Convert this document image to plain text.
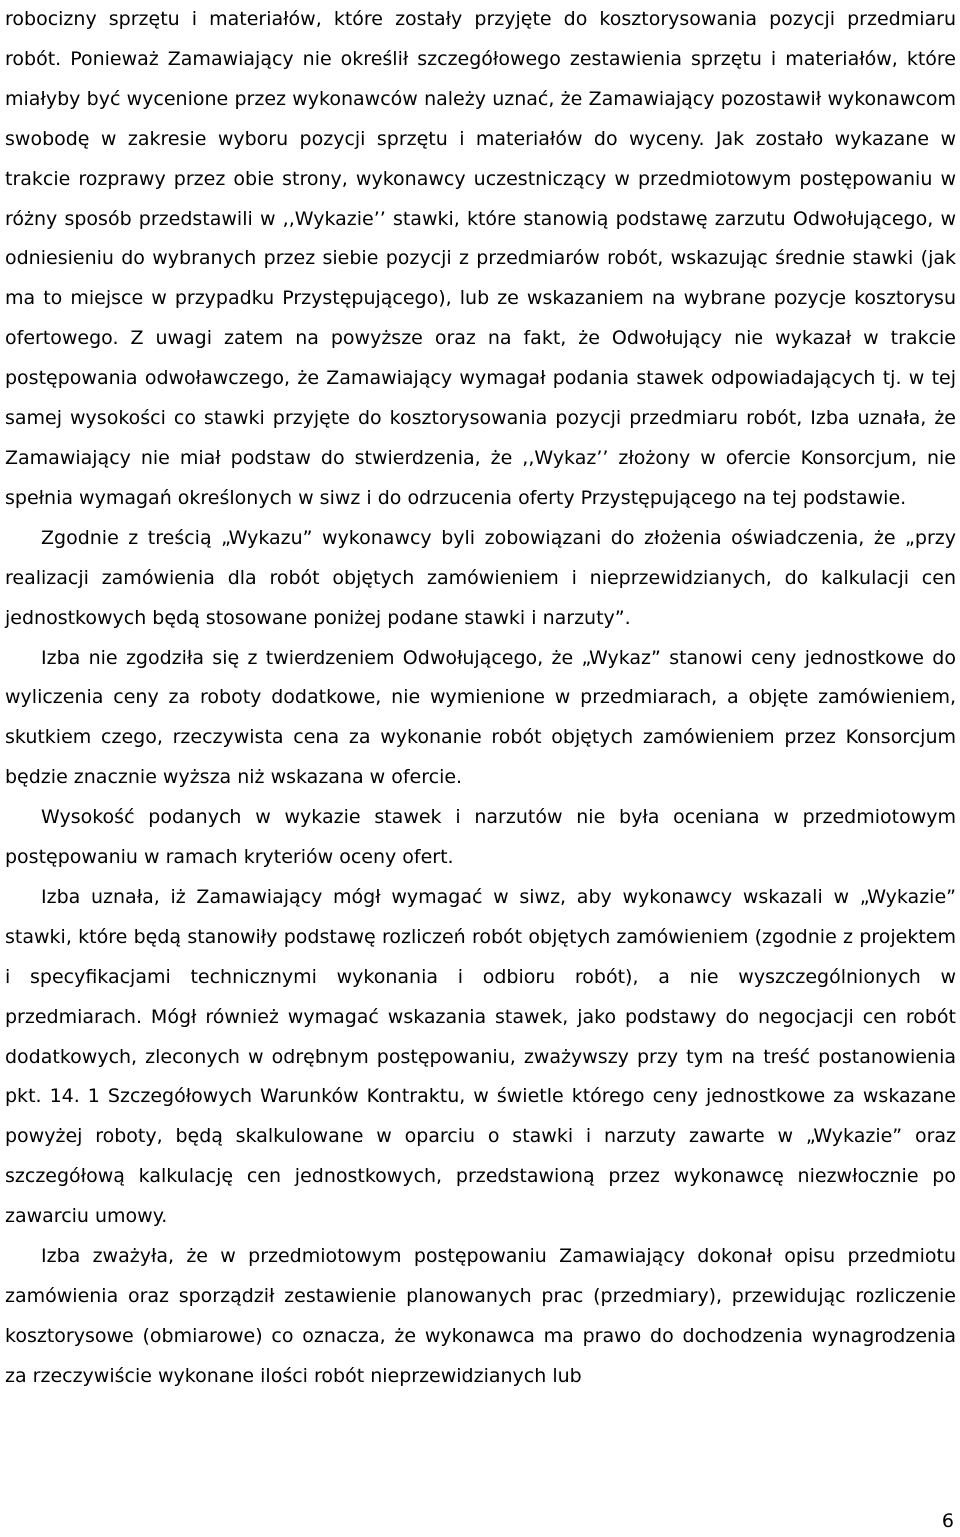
robocizny sprzętu i materiałów, które zostały przyjęte do kosztorysowania pozycji przedmiaru robót. Ponieważ Zamawiający nie określił szczegółowego zestawienia sprzętu i materiałów, które miałyby być wycenione przez wykonawców należy uznać, że Zamawiający pozostawił wykonawcom swobodę w zakresie wyboru pozycji sprzętu i materiałów do wyceny. Jak zostało wykazane w trakcie rozprawy przez obie strony, wykonawcy uczestniczący w przedmiotowym postępowaniu w różny sposób przedstawili w ,,Wykazie’’ stawki, które stanowią podstawę zarzutu Odwołującego, w odniesieniu do wybranych przez siebie pozycji z przedmiarów robót, wskazując średnie stawki (jak ma to miejsce w przypadku Przystępującego), lub ze wskazaniem na wybrane pozycje kosztorysu ofertowego. Z uwagi zatem na powyższe oraz na fakt, że Odwołujący nie wykazał w trakcie postępowania odwoławczego, że Zamawiający wymagał podania stawek odpowiadających tj. w tej samej wysokości co stawki przyjęte do kosztorysowania pozycji przedmiaru robót, Izba uznała, że Zamawiający nie miał podstaw do stwierdzenia, że ,,Wykaz’’ złożony w ofercie Konsorcjum, nie spełnia wymagań określonych w siwz i do odrzucenia oferty Przystępującego na tej podstawie.

Zgodnie z treścią „Wykazu” wykonawcy byli zobowiązani do złożenia oświadczenia, że „przy realizacji zamówienia dla robót objętych zamówieniem i nieprzewidzianych, do kalkulacji cen jednostkowych będą stosowane poniżej podane stawki i narzuty”.

Izba nie zgodziła się z twierdzeniem Odwołującego, że „Wykaz” stanowi ceny jednostkowe do wyliczenia ceny za roboty dodatkowe, nie wymienione w przedmiarach, a objęte zamówieniem, skutkiem czego, rzeczywista cena za wykonanie robót objętych zamówieniem przez Konsorcjum będzie znacznie wyższa niż wskazana w ofercie.

Wysokość podanych w wykazie stawek i narzutów nie była oceniana w przedmiotowym postępowaniu w ramach kryteriów oceny ofert.

Izba uznała, iż Zamawiający mógł wymagać w siwz, aby wykonawcy wskazali w „Wykazie” stawki, które będą stanowiły podstawę rozliczeń robót objętych zamówieniem (zgodnie z projektem i specyfikacjami technicznymi wykonania i odbioru robót), a nie wyszczególnionych w przedmiarach. Mógł również wymagać wskazania stawek, jako podstawy do negocjacji cen robót dodatkowych, zleconych w odrębnym postępowaniu, zważywszy przy tym na treść postanowienia pkt. 14. 1 Szczegółowych Warunków Kontraktu, w świetle którego ceny jednostkowe za wskazane powyżej roboty, będą skalkulowane w oparciu o stawki i narzuty zawarte w „Wykazie” oraz szczegółową kalkulację cen jednostkowych, przedstawioną przez wykonawcę niezwłocznie po zawarciu umowy.

Izba zważyła, że w przedmiotowym postępowaniu Zamawiający dokonał opisu przedmiotu zamówienia oraz sporządził zestawienie planowanych prac (przedmiary), przewidując rozliczenie kosztorysowe (obmiarowe) co oznacza, że wykonawca ma prawo do dochodzenia wynagrodzenia za rzeczywiście wykonane ilości robót nieprzewidzianych lub

6
